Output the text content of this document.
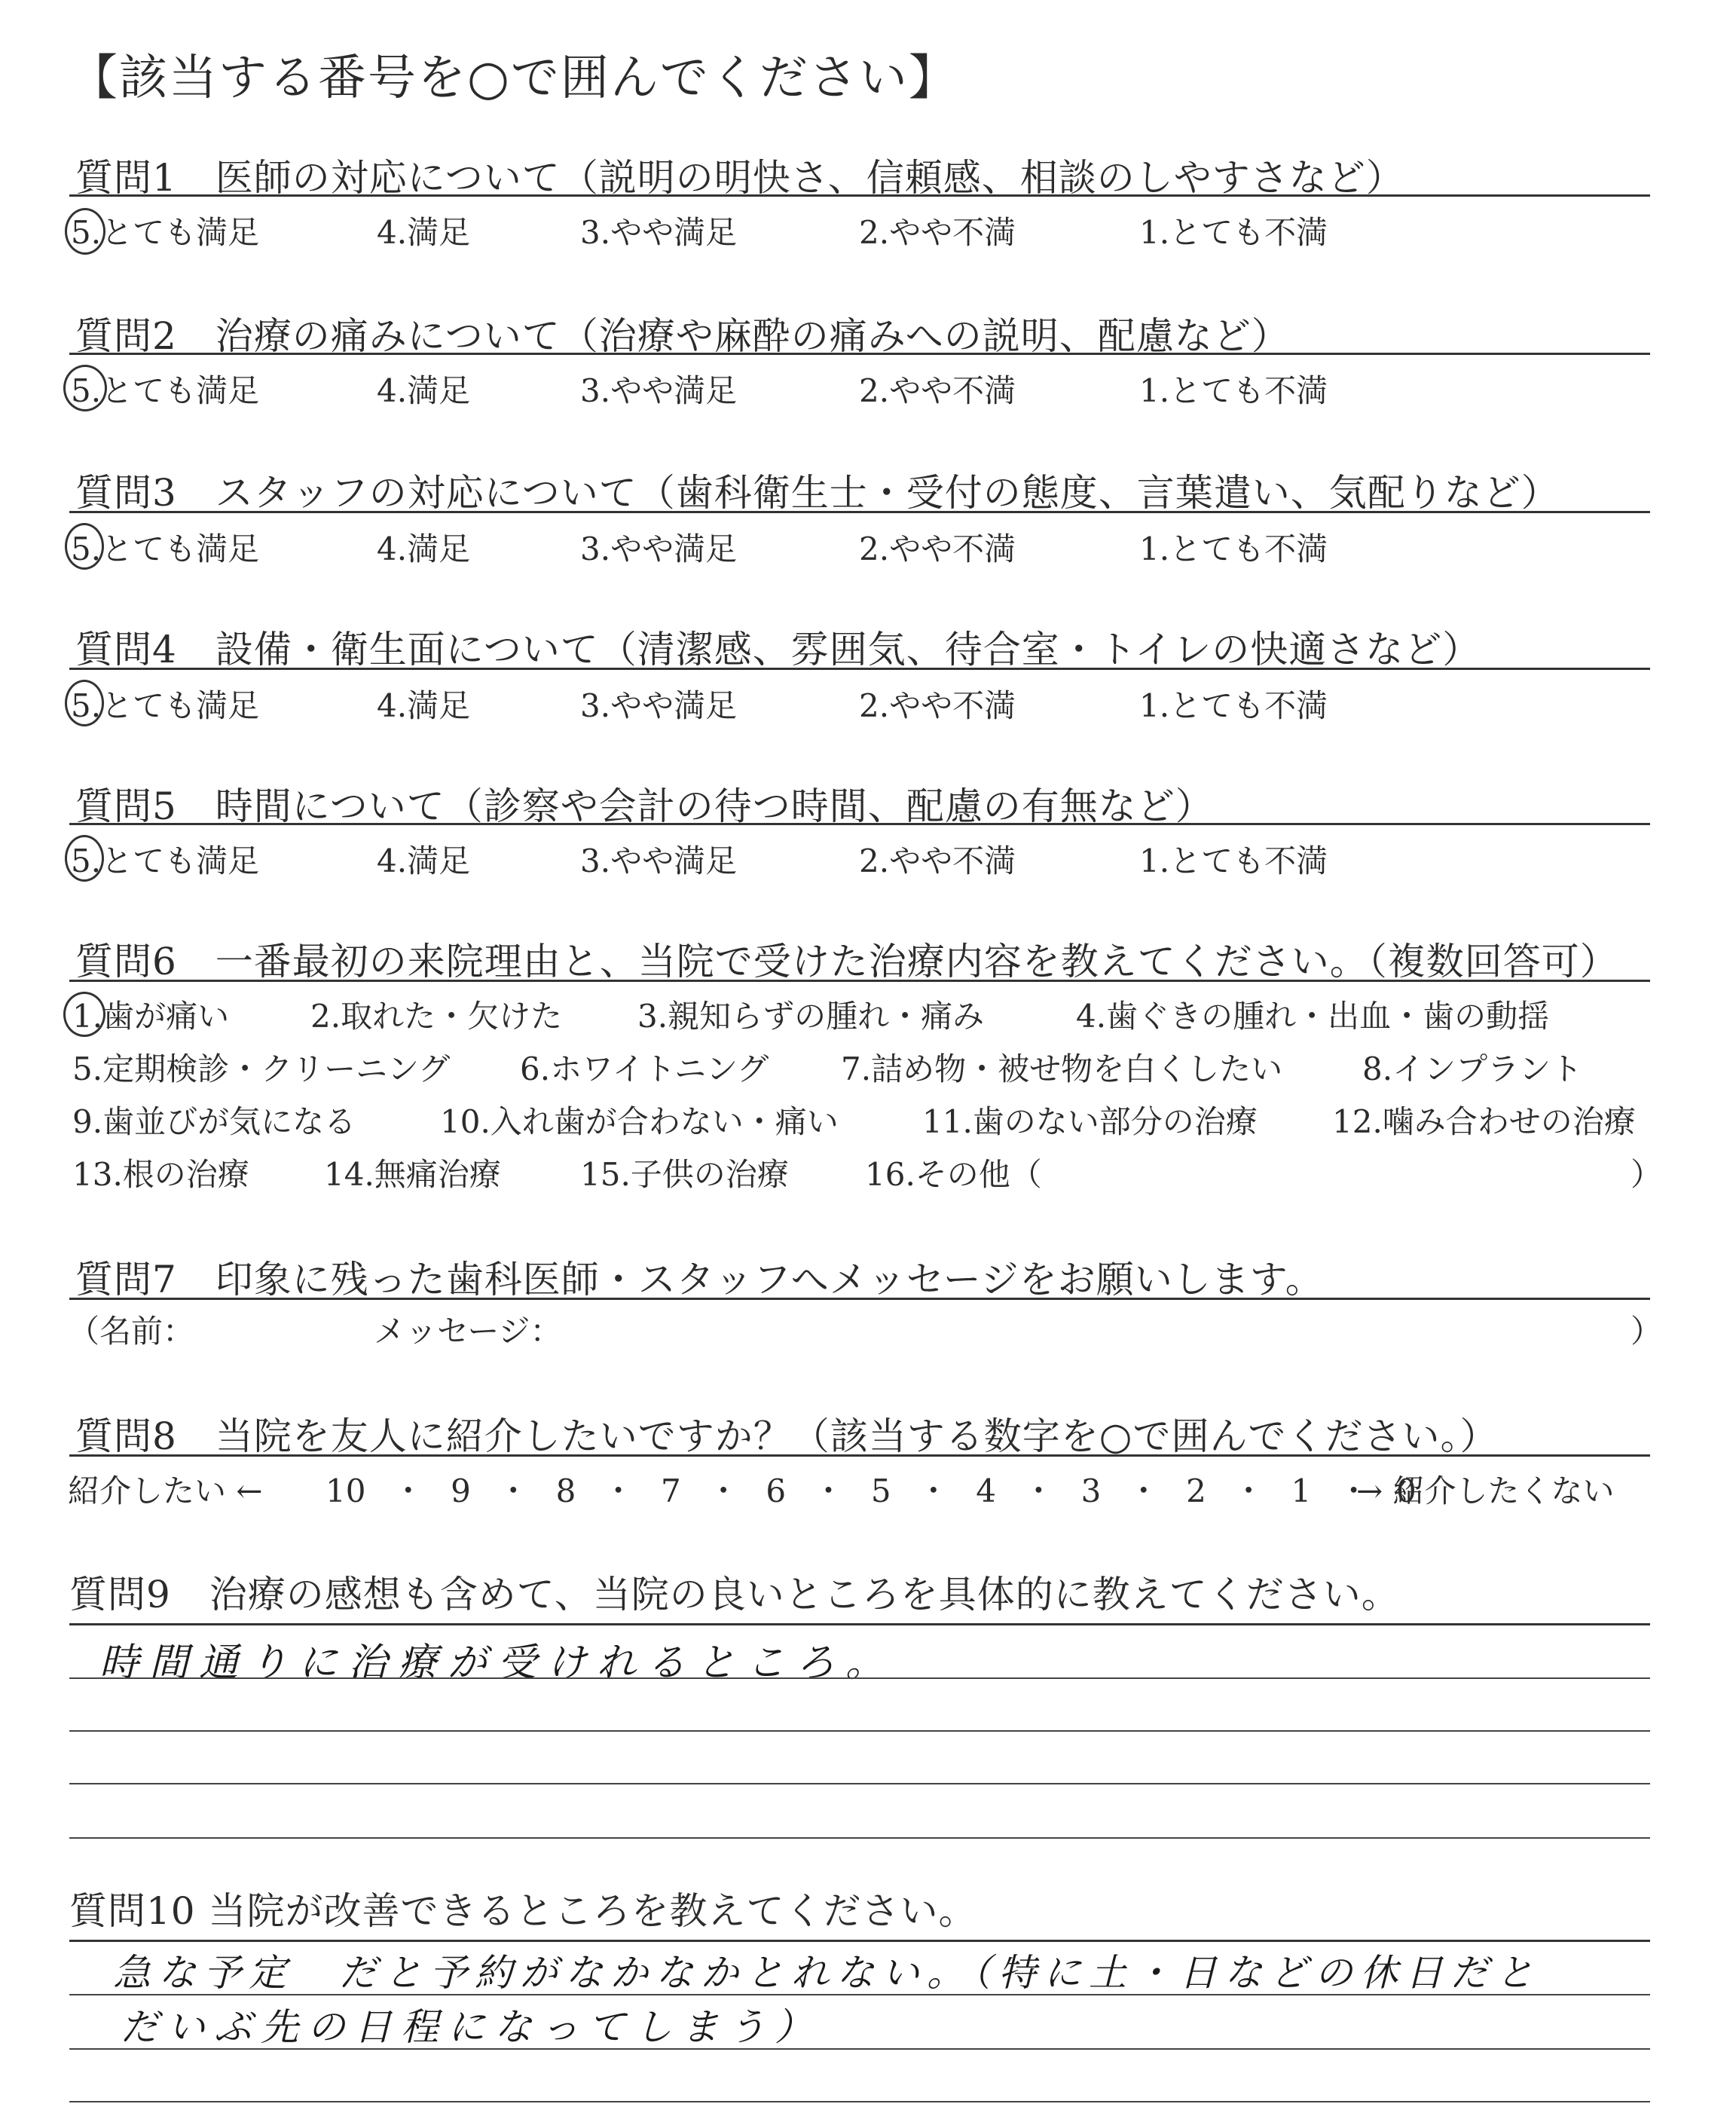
【該当する番号を○で囲んでください】
質問1　医師の対応について（説明の明快さ、信頼感、相談のしやすさなど）
5.とても満足	4.満足	3.やや満足	2.やや不満	1.とても不満
質問2　治療の痛みについて（治療や麻酔の痛みへの説明、配慮など）
5.とても満足	4.満足	3.やや満足	2.やや不満	1.とても不満
質問3　スタッフの対応について（歯科衛生士・受付の態度、言葉遣い、気配りなど）
5.とても満足	4.満足	3.やや満足	2.やや不満	1.とても不満
質問4　設備・衛生面について（清潔感、雰囲気、待合室・トイレの快適さなど）
5.とても満足	4.満足	3.やや満足	2.やや不満	1.とても不満
質問5　時間について（診察や会計の待つ時間、配慮の有無など）
5.とても満足	4.満足	3.やや満足	2.やや不満	1.とても不満
質問6　一番最初の来院理由と、当院で受けた治療内容を教えてください。（複数回答可）
1.歯が痛い	2.取れた・欠けた 3.親知らずの腫れ・痛み	4.歯ぐきの腫れ・出血・歯の動揺
5.定期検診・クリーニング 6.ホワイトニング 7.詰め物・被せ物を白くしたい	8.インプラント
9.歯並びが気になる	10.入れ歯が合わない・痛い	11.歯のない部分の治療 12.噛み合わせの治療
13.根の治療 14.無痛治療	15.子供の治療 16.その他（	）
質問7　印象に残った歯科医師・スタッフへメッセージをお願いします。
（名前：	メッセージ：	）
質問8　当院を友人に紹介したいですか？（該当する数字を○で囲んでください。）
紹介したい ← 10 ・ 9 ・ 8 ・ 7 ・ 6 ・ 5 ・ 4 ・ 3 ・ 2 ・ 1 ・ 0
→ 紹介したくない
質問9　治療の感想も含めて、当院の良いところを具体的に教えてください。
時間通りに治療が受けれるところ。
質問10 当院が改善できるところを教えてください。
急な予定　だと予約がなかなかとれない。（特に土・日などの休日だと
だいぶ先の日程になってしまう）
